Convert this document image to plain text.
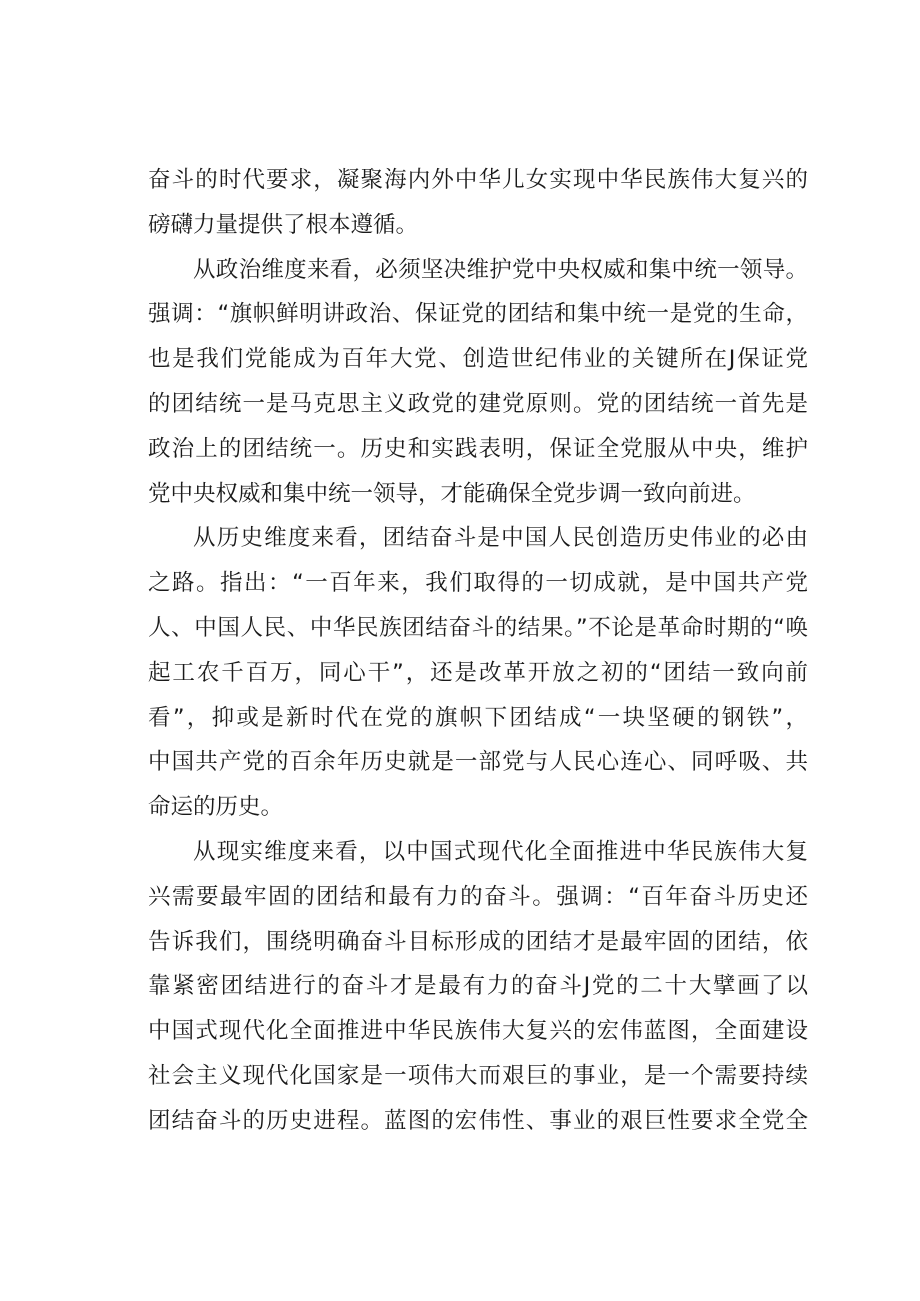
奋斗的时代要求，凝聚海内外中华儿女实现中华民族伟大复兴的
磅礴力量提供了根本遵循。
从政治维度来看，必须坚决维护党中央权威和集中统一领导。
强调：“旗帜鲜明讲政治、保证党的团结和集中统一是党的生命，
也是我们党能成为百年大党、创造世纪伟业的关键所在J保证党
的团结统一是马克思主义政党的建党原则。党的团结统一首先是
政治上的团结统一。历史和实践表明，保证全党服从中央，维护
党中央权威和集中统一领导，才能确保全党步调一致向前进。
从历史维度来看，团结奋斗是中国人民创造历史伟业的必由
之路。指出：“一百年来，我们取得的一切成就，是中国共产党
人、中国人民、中华民族团结奋斗的结果。”不论是革命时期的“唤
起工农千百万，同心干”，还是改革开放之初的“团结一致向前
看”，抑或是新时代在党的旗帜下团结成“一块坚硬的钢铁”，
中国共产党的百余年历史就是一部党与人民心连心、同呼吸、共
命运的历史。
从现实维度来看，以中国式现代化全面推进中华民族伟大复
兴需要最牢固的团结和最有力的奋斗。强调：“百年奋斗历史还
告诉我们，围绕明确奋斗目标形成的团结才是最牢固的团结，依
靠紧密团结进行的奋斗才是最有力的奋斗J党的二十大擘画了以
中国式现代化全面推进中华民族伟大复兴的宏伟蓝图，全面建设
社会主义现代化国家是一项伟大而艰巨的事业，是一个需要持续
团结奋斗的历史进程。蓝图的宏伟性、事业的艰巨性要求全党全
